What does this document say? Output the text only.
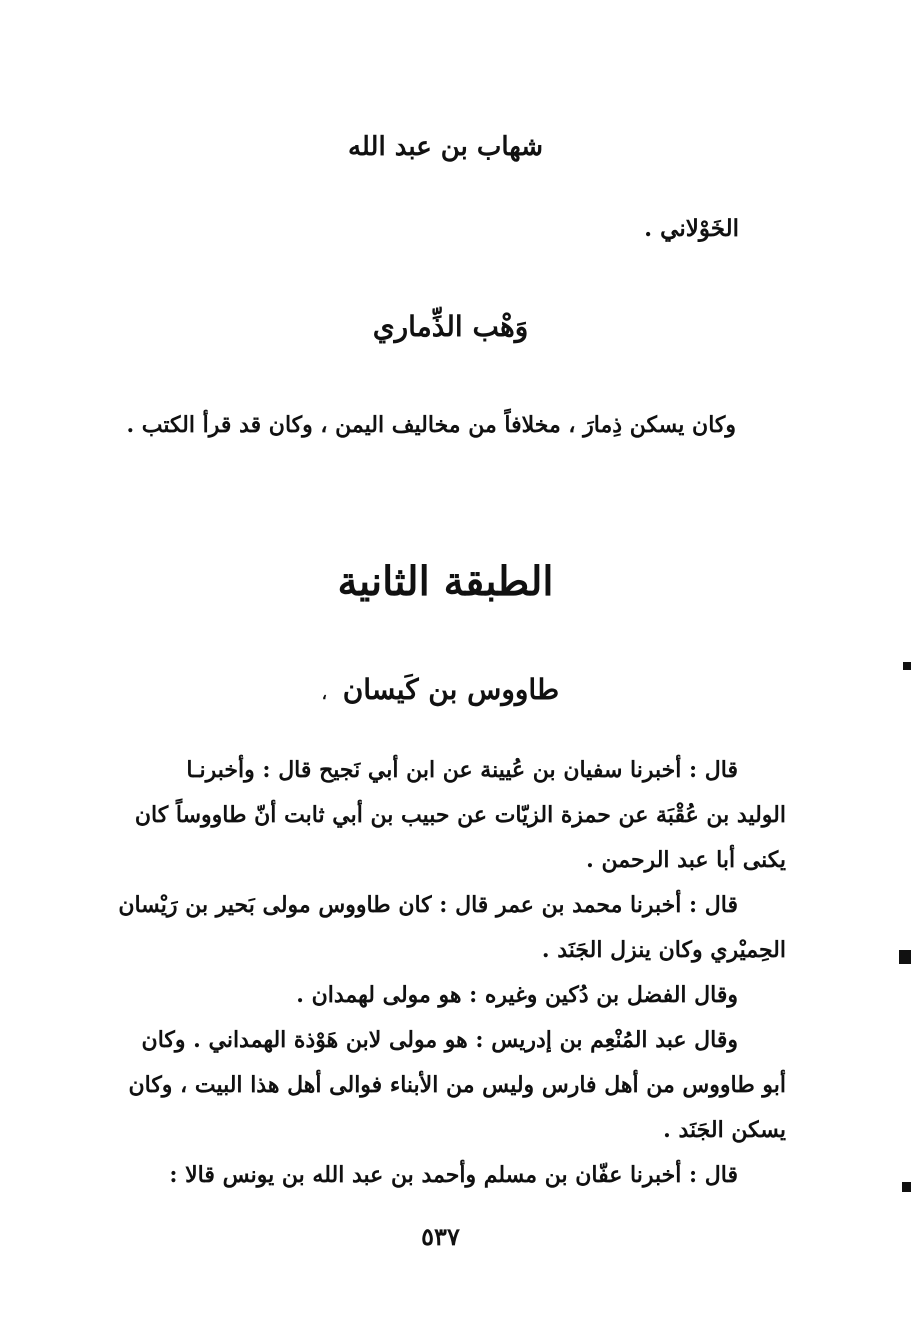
شهاب بن عبد الله
الخَوْلاني .
وَهْب الذِّماري
وكان يسكن ذِمارَ ، مخلافاً من مخاليف اليمن ، وكان قد قرأ الكتب .
الطبقة الثانية
طاووس بن كَيسان ،

قال : أخبرنا سفيان بن عُيينة عن ابن أبي نَجيح قال : وأخبرنـا

الوليد بن عُقْبَة عن حمزة الزيّات عن حبيب بن أبي ثابت أنّ طاووساً كان

يكنى أبا عبد الرحمن .

قال : أخبرنا محمد بن عمر قال : كان طاووس مولى بَحير بن رَيْسان

الحِميْري وكان ينزل الجَنَد .

وقال الفضل بن دُكين وغيره : هو مولى لهمدان .

وقال عبد المُنْعِم بن إدريس : هو مولى لابن هَوْذة الهمداني . وكان

أبو طاووس من أهل فارس وليس من الأبناء فوالى أهل هذا البيت ، وكان

يسكن الجَنَد .

قال : أخبرنا عفّان بن مسلم وأحمد بن عبد الله بن يونس قالا :

٥٣٧
